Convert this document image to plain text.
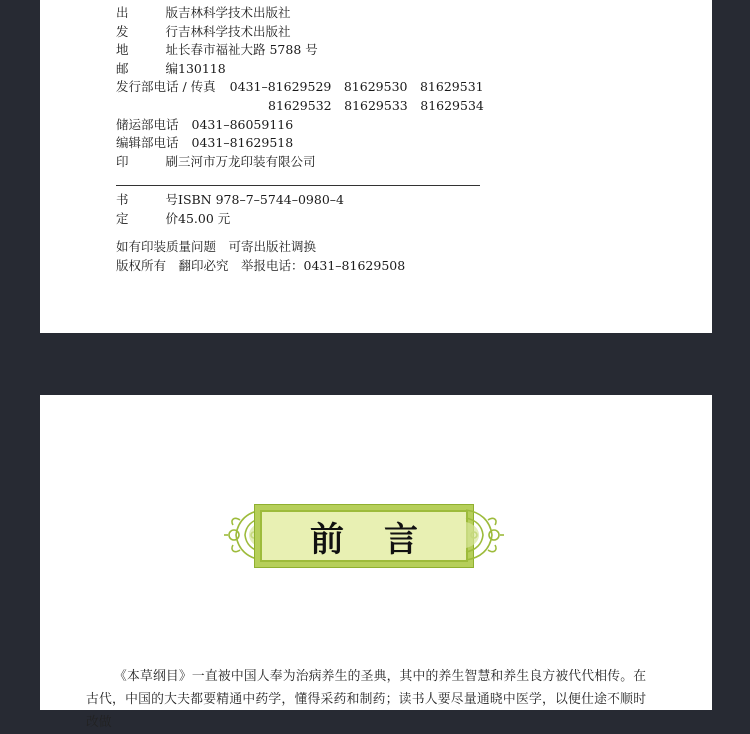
出	版 吉林科学技术出版社
发	行 吉林科学技术出版社
地	址 长春市福祉大路 5788 号
邮	编 130118
发行部电话 / 传真 0431–81629529　81629530　81629531
81629532　81629533　81629534
储运部电话 0431–86059116
编辑部电话 0431–81629518
印	刷 三河市万龙印装有限公司
书	号 ISBN 978–7–5744–0980–4
定	价 45.00 元
如有印装质量问题　可寄出版社调换
版权所有　翻印必究　举报电话：0431–81629508
前言
《本草纲目》一直被中国人奉为治病养生的圣典，其中的养生智慧和养生良方被代代相传。在古代，中国的大夫都要精通中药学，懂得采药和制药；读书人要尽量通晓中医学，以便仕途不顺时改做
